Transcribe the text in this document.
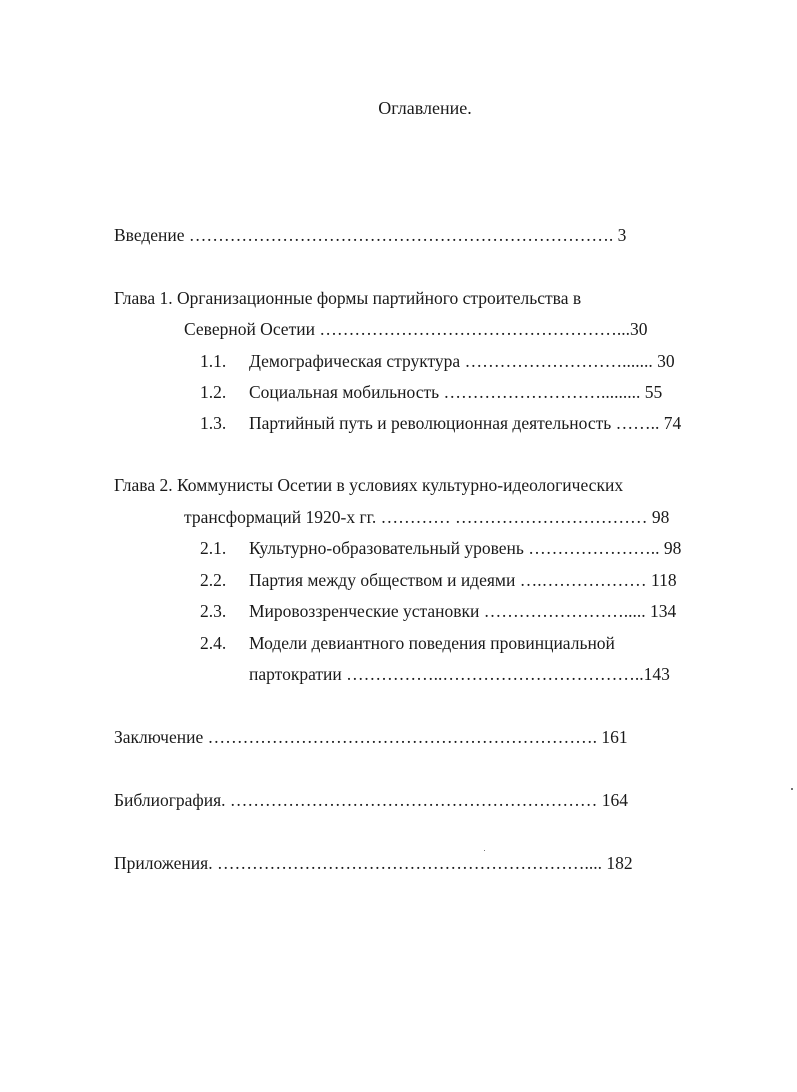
Оглавление.
Введение ………………………………………………………………. 3
Глава 1. Организационные формы партийного строительства в
Северной Осетии ……………………………………………...30
1.1. Демографическая структура ………………………....... 30
1.2. Социальная мобильность ………………………......... 55
1.3. Партийный путь и революционная деятельность …….. 74
Глава 2. Коммунисты Осетии в условиях культурно-идеологических
трансформаций 1920-х гг. ………… …………………………… 98
2.1. Культурно-образовательный уровень ………………….. 98
2.2. Партия между обществом и идеями ….……………… 118
2.3. Мировоззренческие установки ……………………..... 134
2.4. Модели девиантного поведения провинциальной
партократии ……………..……………………………..143
Заключение …………………………………………………………. 161
Библиография. ……………………………………………………… 164
Приложения. ……………………………………………………….... 182
